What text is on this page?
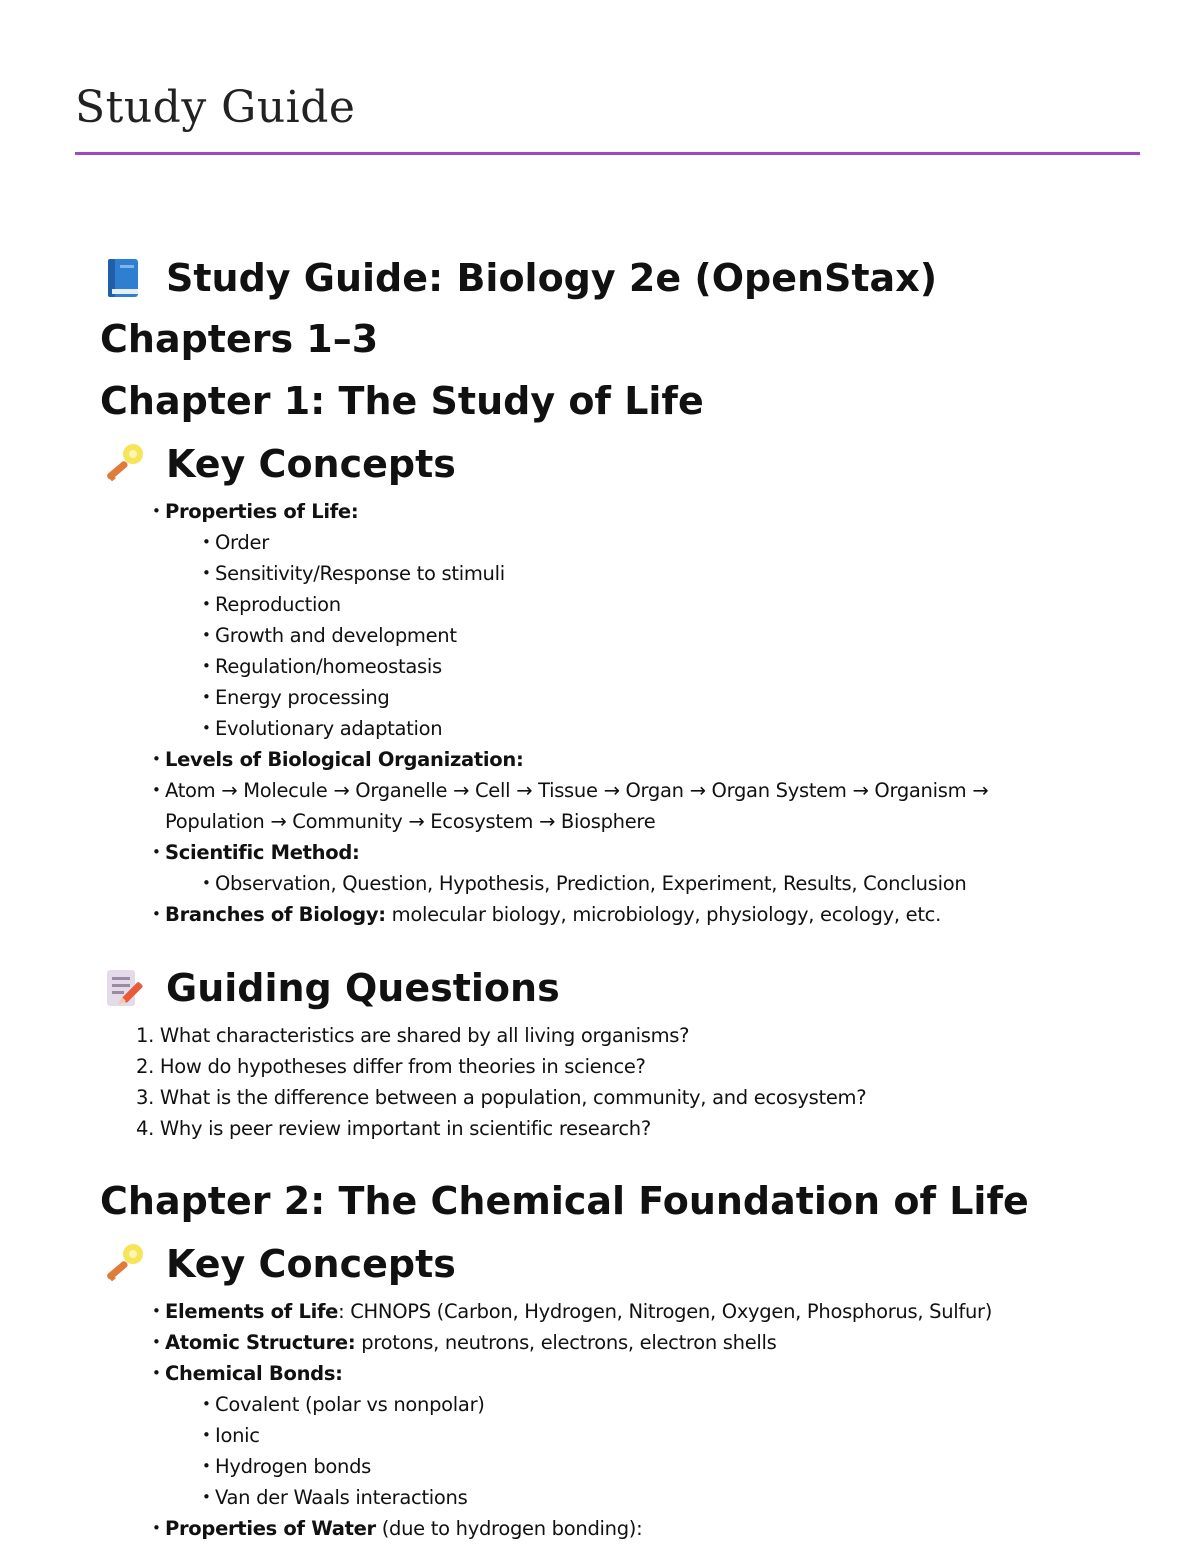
Study Guide
Study Guide: Biology 2e (OpenStax)
Chapters 1–3
Chapter 1: The Study of Life
Key Concepts
• Properties of Life:
• Order
• Sensitivity/Response to stimuli
• Reproduction
• Growth and development
• Regulation/homeostasis
• Energy processing
• Evolutionary adaptation
• Levels of Biological Organization:
• Atom → Molecule → Organelle → Cell → Tissue → Organ → Organ System → Organism → Population → Community → Ecosystem → Biosphere
• Scientific Method:
• Observation, Question, Hypothesis, Prediction, Experiment, Results, Conclusion
• Branches of Biology: molecular biology, microbiology, physiology, ecology, etc.
Guiding Questions
1. What characteristics are shared by all living organisms?
2. How do hypotheses differ from theories in science?
3. What is the difference between a population, community, and ecosystem?
4. Why is peer review important in scientific research?
Chapter 2: The Chemical Foundation of Life
Key Concepts
• Elements of Life: CHNOPS (Carbon, Hydrogen, Nitrogen, Oxygen, Phosphorus, Sulfur)
• Atomic Structure: protons, neutrons, electrons, electron shells
• Chemical Bonds:
• Covalent (polar vs nonpolar)
• Ionic
• Hydrogen bonds
• Van der Waals interactions
• Properties of Water (due to hydrogen bonding):
